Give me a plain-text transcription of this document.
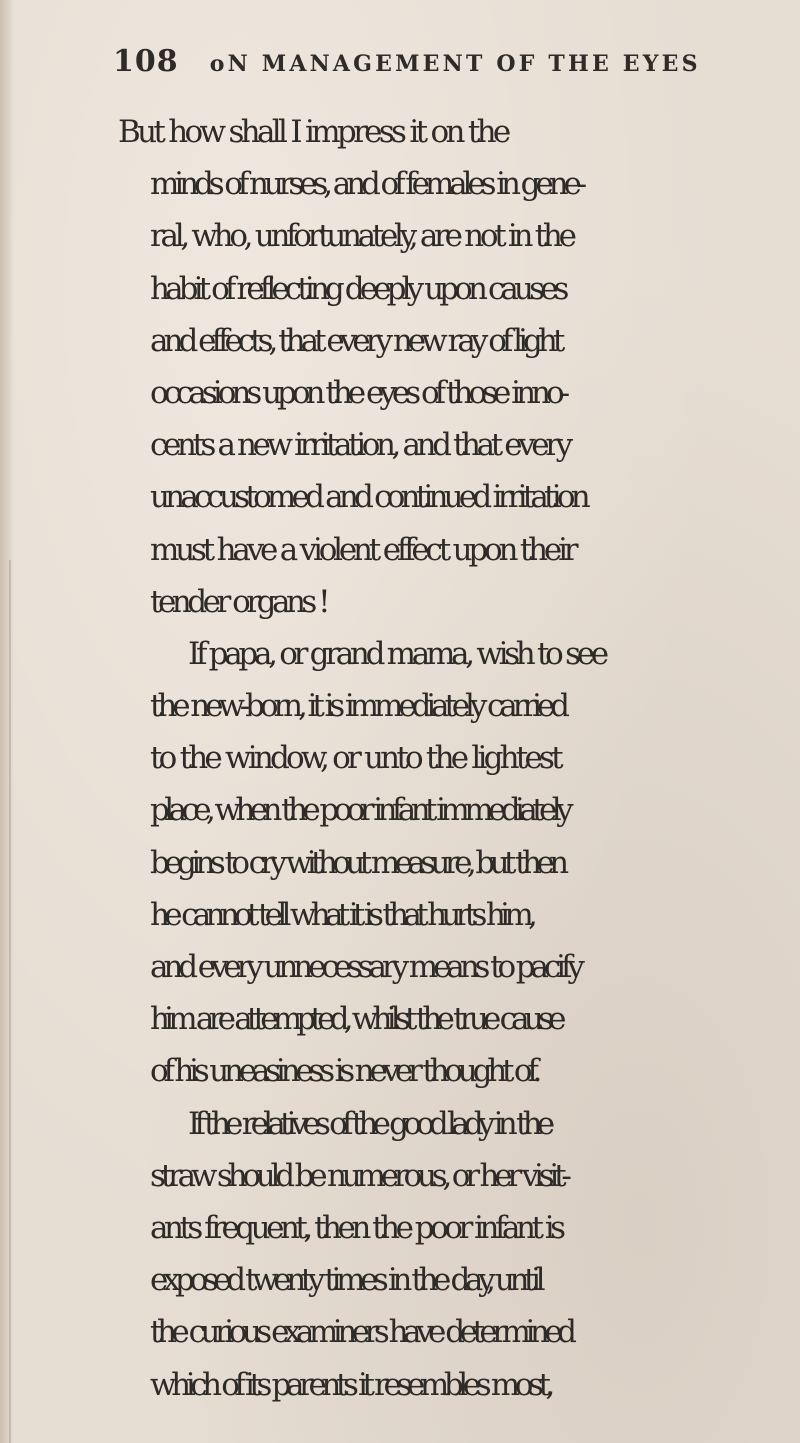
108 oN MANAGEMENT OF THE EYES
But how shall I impress it on the
minds of nurses, and of females in gene-
ral, who, unfortunately, are not in the
habit of reflecting deeply upon causes
and effects, that every new ray of light
occasions upon the eyes of those inno-
cents a new irritation, and that every
unaccustomed and continued irritation
must have a violent effect upon their
tender organs !
If papa, or grand mama, wish to see
the new-born, it is immediately carried
to the window, or unto the lightest
place, when the poor infant immediately
begins to cry without measure, but then
he cannot tell what it is that hurts him,
and every unnecessary means to pacify
him are attempted, whilst the true cause
of his uneasiness is never thought of.
If the relatives of the good lady in the
straw should be numerous, or her visit-
ants frequent, then the poor infant is
exposed twenty times in the day, until
the curious examiners have determined
which of its parents it resembles most,
